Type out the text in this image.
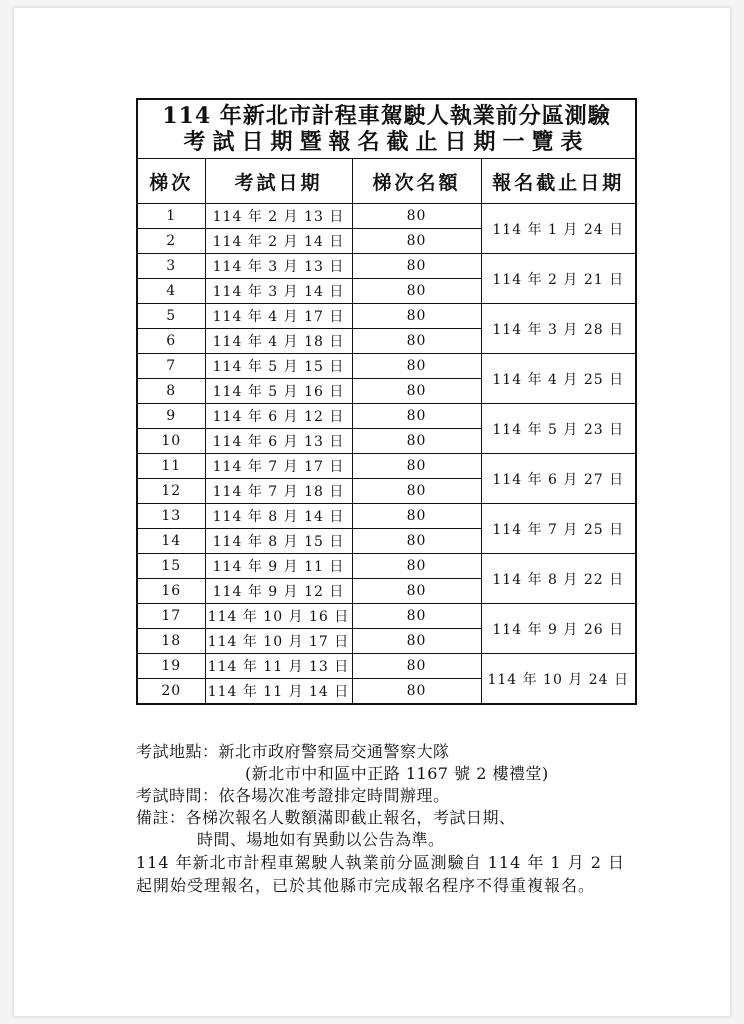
114 年新北市計程車駕駛人執業前分區測驗
考試日期暨報名截止日期一覽表
梯次	考試日期	梯次名額	報名截止日期
1	114 年 2 月 13 日	80	114 年 1 月 24 日
2	114 年 2 月 14 日	80	
3	114 年 3 月 13 日	80	114 年 2 月 21 日
4	114 年 3 月 14 日	80	
5	114 年 4 月 17 日	80	114 年 3 月 28 日
6	114 年 4 月 18 日	80	
7	114 年 5 月 15 日	80	114 年 4 月 25 日
8	114 年 5 月 16 日	80	
9	114 年 6 月 12 日	80	114 年 5 月 23 日
10	114 年 6 月 13 日	80	
11	114 年 7 月 17 日	80	114 年 6 月 27 日
12	114 年 7 月 18 日	80	
13	114 年 8 月 14 日	80	114 年 7 月 25 日
14	114 年 8 月 15 日	80	
15	114 年 9 月 11 日	80	114 年 8 月 22 日
16	114 年 9 月 12 日	80	
17	114 年 10 月 16 日	80	114 年 9 月 26 日
18	114 年 10 月 17 日	80	
19	114 年 11 月 13 日	80	114 年 10 月 24 日
20	114 年 11 月 14 日	80	

考試地點：新北市政府警察局交通警察大隊

(新北市中和區中正路 1167 號 2 樓禮堂)

考試時間：依各場次准考證排定時間辦理。

備註：各梯次報名人數額滿即截止報名，考試日期、

時間、場地如有異動以公告為準。

114 年新北市計程車駕駛人執業前分區測驗自 114 年 1 月 2 日起開始受理報名，已於其他縣市完成報名程序不得重複報名。
